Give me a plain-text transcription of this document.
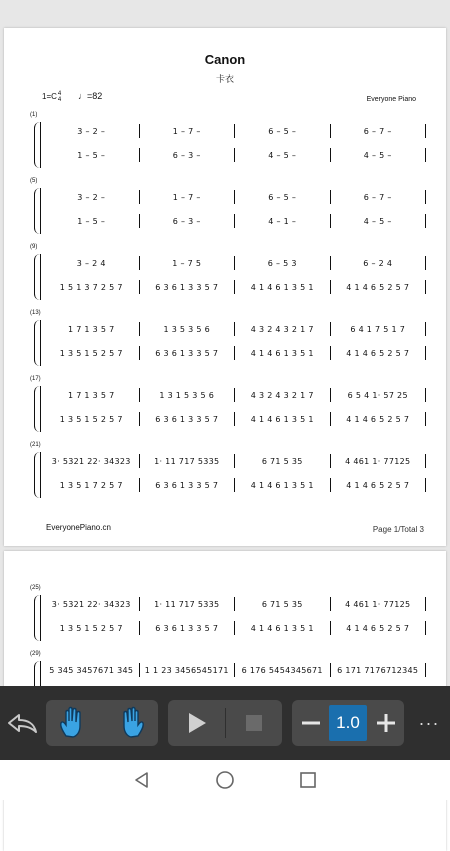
Canon
卡衣
1=C4
4 ♩=82	Everyone Piano
(1)
3 – 2 –	1 – 7 –	6 – 5 –	6 – 7 –
1 – 5 –	6 – 3 –	4 – 5 –	4 – 5 –
(5)
3 – 2 –	1 – 7 –	6 – 5 –	6 – 7 –
1 – 5 –	6 – 3 –	4 – 1 –	4 – 5 –
(9)
3 – 2 4	1 – 7 5	6 – 5 3	6 – 2 4
1 5 1 3 7 2 5 7	6 3 6 1 3 3 5 7	4 1 4 6 1 3 5 1	4 1 4 6 5 2 5 7
(13)
1 7 1 3 5 7	1 3 5 3 5 6	4 3 2 4 3 2 1 7	6 4 1 7 5 1 7
1 3 5 1 5 2 5 7	6 3 6 1 3 3 5 7	4 1 4 6 1 3 5 1	4 1 4 6 5 2 5 7
(17)
1 7 1 3 5 7	1 3 1 5 3 5 6	4 3 2 4 3 2 1 7	6 5 4 1· 57 25
1 3 5 1 5 2 5 7	6 3 6 1 3 3 5 7	4 1 4 6 1 3 5 1	4 1 4 6 5 2 5 7
(21)
3· 5321 22· 34323	1· 11 717 5335	6 71 5 35	4 461 1· 77125
1 3 5 1 7 2 5 7	6 3 6 1 3 3 5 7	4 1 4 6 1 3 5 1	4 1 4 6 5 2 5 7
EveryonePiano.cn	Page 1/Total 3
(25)
3· 5321 22· 34323	1· 11 717 5335	6 71 5 35	4 461 1· 77125
1 3 5 1 5 2 5 7	6 3 6 1 3 3 5 7	4 1 4 6 1 3 5 1	4 1 4 6 5 2 5 7
(29)
5 345 3457671 345	1 1 23 3456545171	6 176 5454345671	6 171 7176712345
1.0	···
